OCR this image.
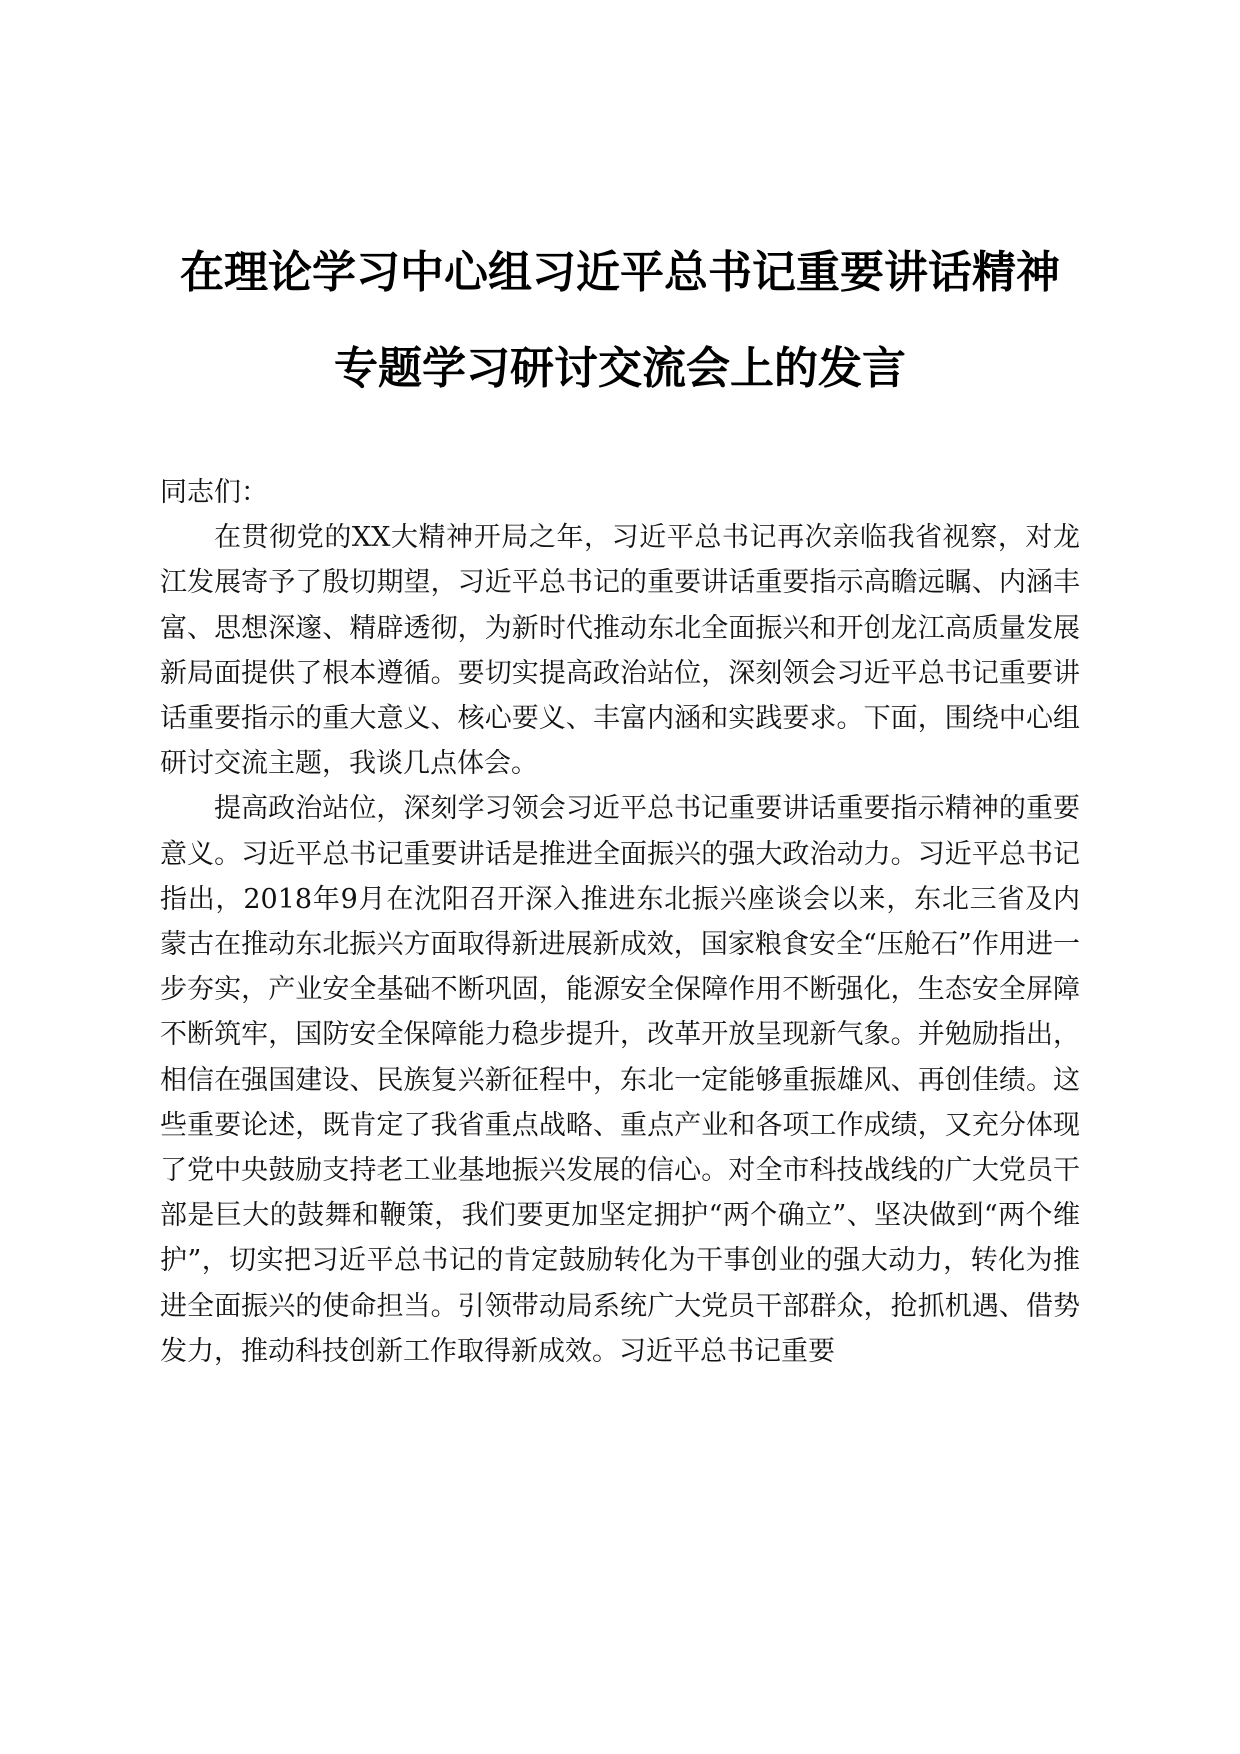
在理论学习中心组习近平总书记重要讲话精神
专题学习研讨交流会上的发言

同志们：

在贯彻党的XX大精神开局之年，习近平总书记再次亲临我省视察，对龙江发展寄予了殷切期望，习近平总书记的重要讲话重要指示高瞻远瞩、内涵丰富、思想深邃、精辟透彻，为新时代推动东北全面振兴和开创龙江高质量发展新局面提供了根本遵循。要切实提高政治站位，深刻领会习近平总书记重要讲话重要指示的重大意义、核心要义、丰富内涵和实践要求。下面，围绕中心组研讨交流主题，我谈几点体会。

提高政治站位，深刻学习领会习近平总书记重要讲话重要指示精神的重要意义。习近平总书记重要讲话是推进全面振兴的强大政治动力。习近平总书记指出，2018年9月在沈阳召开深入推进东北振兴座谈会以来，东北三省及内蒙古在推动东北振兴方面取得新进展新成效，国家粮食安全“压舱石”作用进一步夯实，产业安全基础不断巩固，能源安全保障作用不断强化，生态安全屏障不断筑牢，国防安全保障能力稳步提升，改革开放呈现新气象。并勉励指出，相信在强国建设、民族复兴新征程中，东北一定能够重振雄风、再创佳绩。这些重要论述，既肯定了我省重点战略、重点产业和各项工作成绩，又充分体现了党中央鼓励支持老工业基地振兴发展的信心。对全市科技战线的广大党员干部是巨大的鼓舞和鞭策，我们要更加坚定拥护“两个确立”、坚决做到“两个维护”，切实把习近平总书记的肯定鼓励转化为干事创业的强大动力，转化为推进全面振兴的使命担当。引领带动局系统广大党员干部群众，抢抓机遇、借势发力，推动科技创新工作取得新成效。习近平总书记重要
